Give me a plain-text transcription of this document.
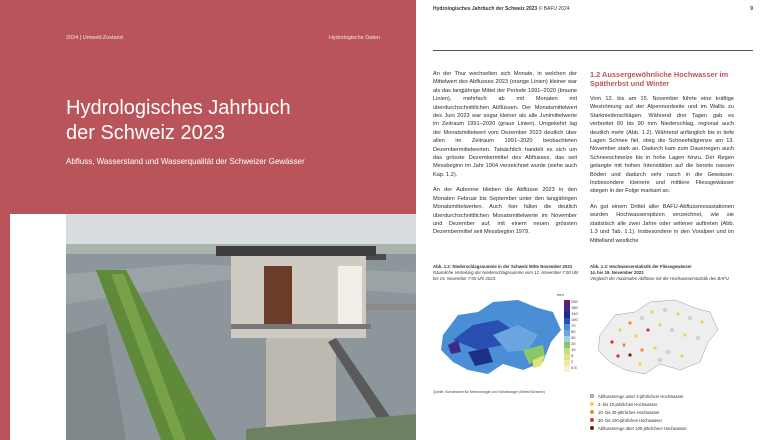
2024 | Umwelt-Zustand	Hydrologische Daten
Hydrologisches Jahrbuch
der Schweiz 2023
Abfluss, Wasserstand und Wasserqualität der Schweizer Gewässer
Hydrologisches Jahrbuch der Schweiz 2023 © BAFU 2024	9

An der Thur wechselten sich Monate, in welchen der Mittelwert des Abflusses 2023 (orange Linien) kleiner war als das langjährige Mittel der Periode 1991–2020 (braune Linien), mehrfach ab mit Monaten mit überdurchschnittlichen Abflüssen. Der Monatsmittelwert des Juni 2023 war sogar kleiner als alle Junimittelwerte im Zeitraum 1991–2020 (graue Linien). Umgekehrt lag der Monatsmittelwert vom Dezember 2023 deutlich über allen im Zeitraum 1991–2020 beobachteten Dezembermittelwerten. Tatsächlich handelt es sich um das grösste Dezembermittel des Abflusses, das seit Messbeginn im Jahr 1904 verzeichnet wurde (siehe auch Kap. 1.2).

An der Aubonne blieben die Abflüsse 2023 in den Monaten Februar bis September unter den langjährigen Monatsmittelwerten. Auch hier fallen die deutlich überdurchschnittlichen Monatsmittelwerte im November und Dezember auf, mit einem neuen grössten Dezembermittel seit Messbeginn 1979.

1.2 Aussergewöhnliche Hochwasser im Spätherbst und Winter

Vom 12. bis am 15. November führte eine kräftige Weströmung auf der Alpennordseite und im Wallis zu Starkniederschlägen. Während drei Tagen gab es verbreitet 60 bis 90 mm Niederschlag, regional auch deutlich mehr (Abb. 1.2). Während anfänglich bis in tiefe Lagen Schnee fiel, stieg die Schneefallgrenze am 13. November stark an. Dadurch kam zum Dauerregen auch Schneeschmelze bis in hohe Lagen hinzu. Der Regen gelangte mit hohen Intensitäten auf die bereits nassen Böden und dadurch sehr rasch in die Gewässer. Insbesondere kleinere und mittlere Fliessgewässer stiegen in der Folge markant an.

An gut einem Drittel aller BAFU-Abflussmessstationen wurden Hochwasserspitzen verzeichnet, wie sie statistisch alle zwei Jahre oder seltener auftreten (Abb. 1.3 und Tab. 1.1). Insbesondere in den Voralpen und im Mittelland westliche

Abb. 1.2: Niederschlagssumme in der Schweiz Mitte November 2023
Räumliche Verteilung der Niederschlagssumme vom 12. November 7:00 Uhr bis 15. November 7:00 Uhr 2023.
mm
250
180
140
100
70
50
30
20
10
5
2
0.5
Quelle: Bundesamt für Meteorologie und Klimatologie (MeteoSchweiz)
Abb. 1.3: Hochwasserstatistik der Fliessgewässer
14. bis 19. November 2023
Vergleich der maximalen Abflüsse mit der Hochwasserstatistik des BAFU
Abflussmenge unter 2-jährlichem Hochwasser
2- bis 10-jährliches Hochwasser
10- bis 30-jährliches Hochwasser
30- bis 100-jährliches Hochwasser
Abflussmenge über 100-jährlichem Hochwasser
